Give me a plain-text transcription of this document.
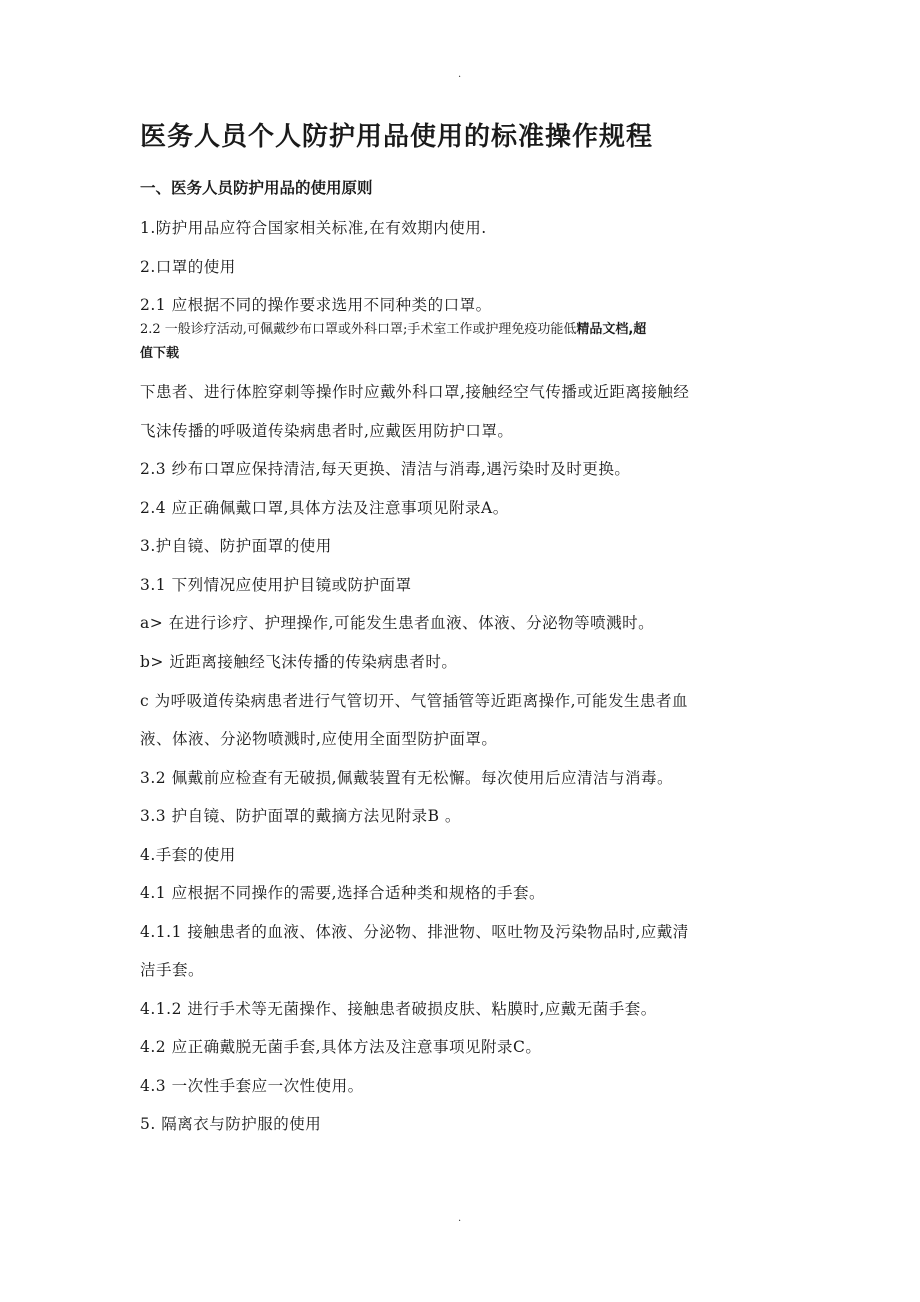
.
医务人员个人防护用品使用的标准操作规程
一、医务人员防护用品的使用原则
1.防护用品应符合国家相关标准,在有效期内使用.
2.口罩的使用
2.1 应根据不同的操作要求选用不同种类的口罩。
2.2 一般诊疗活动,可佩戴纱布口罩或外科口罩;手术室工作或护理免疫功能低精品文档,超
值下载
下患者、进行体腔穿刺等操作时应戴外科口罩,接触经空气传播或近距离接触经
飞沫传播的呼吸道传染病患者时,应戴医用防护口罩。
2.3 纱布口罩应保持清洁,每天更换、清洁与消毒,遇污染时及时更换。
2.4 应正确佩戴口罩,具体方法及注意事项见附录A。
3.护自镜、防护面罩的使用
3.1 下列情况应使用护目镜或防护面罩
a> 在进行诊疗、护理操作,可能发生患者血液、体液、分泌物等喷溅时。
b> 近距离接触经飞沫传播的传染病患者时。
c 为呼吸道传染病患者进行气管切开、气管插管等近距离操作,可能发生患者血
液、体液、分泌物喷溅时,应使用全面型防护面罩。
3.2 佩戴前应检查有无破损,佩戴装置有无松懈。每次使用后应清洁与消毒。
3.3 护自镜、防护面罩的戴摘方法见附录B 。
4.手套的使用
4.1 应根据不同操作的需要,选择合适种类和规格的手套。
4.1.1 接触患者的血液、体液、分泌物、排泄物、呕吐物及污染物品时,应戴清
洁手套。
4.1.2 进行手术等无菌操作、接触患者破损皮肤、粘膜时,应戴无菌手套。
4.2 应正确戴脱无菌手套,具体方法及注意事项见附录C。
4.3 一次性手套应一次性使用。
5. 隔离衣与防护服的使用
.
